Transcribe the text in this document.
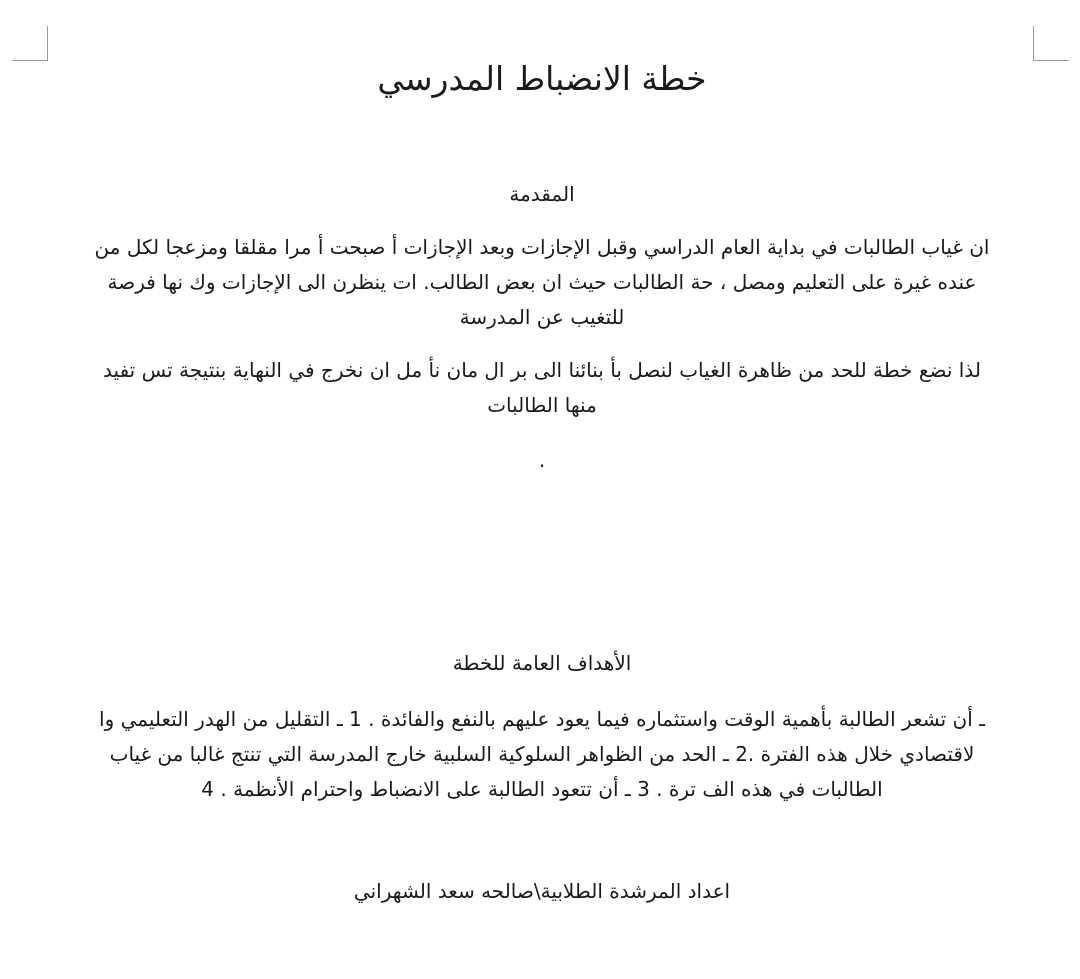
خطة الانضباط المدرسي
المقدمة
ان غياب الطالبات في بداية العام الدراسي وقبل الإجازات وبعد الإجازات أ صبحت أ مرا مقلقا ومزعجا لكل من
عنده غيرة على التعليم ومصل ، حة الطالبات حيث ان بعض الطالب. ات ينظرن الى الإجازات وك نها فرصة
للتغيب عن المدرسة
لذا نضع خطة للحد من ظاهرة الغياب لنصل بأ بنائنا الى بر ال مان نأ مل ان نخرج في النهاية بنتيجة تس تفيد
منها الطالبات
.
الأهداف العامة للخطة
ـ أن تشعر الطالبة بأهمية الوقت واستثماره فيما يعود عليهم بالنفع والفائدة . 1 ـ التقليل من الهدر التعليمي وا
لاقتصادي خلال هذه الفترة .2 ـ الحد من الظواهر السلوكية السلبية خارج المدرسة التي تنتج غالبا من غياب
الطالبات في هذه الف ترة . 3 ـ أن تتعود الطالبة على الانضباط واحترام الأنظمة . 4
اعداد المرشدة الطلابية\صالحه سعد الشهراني
